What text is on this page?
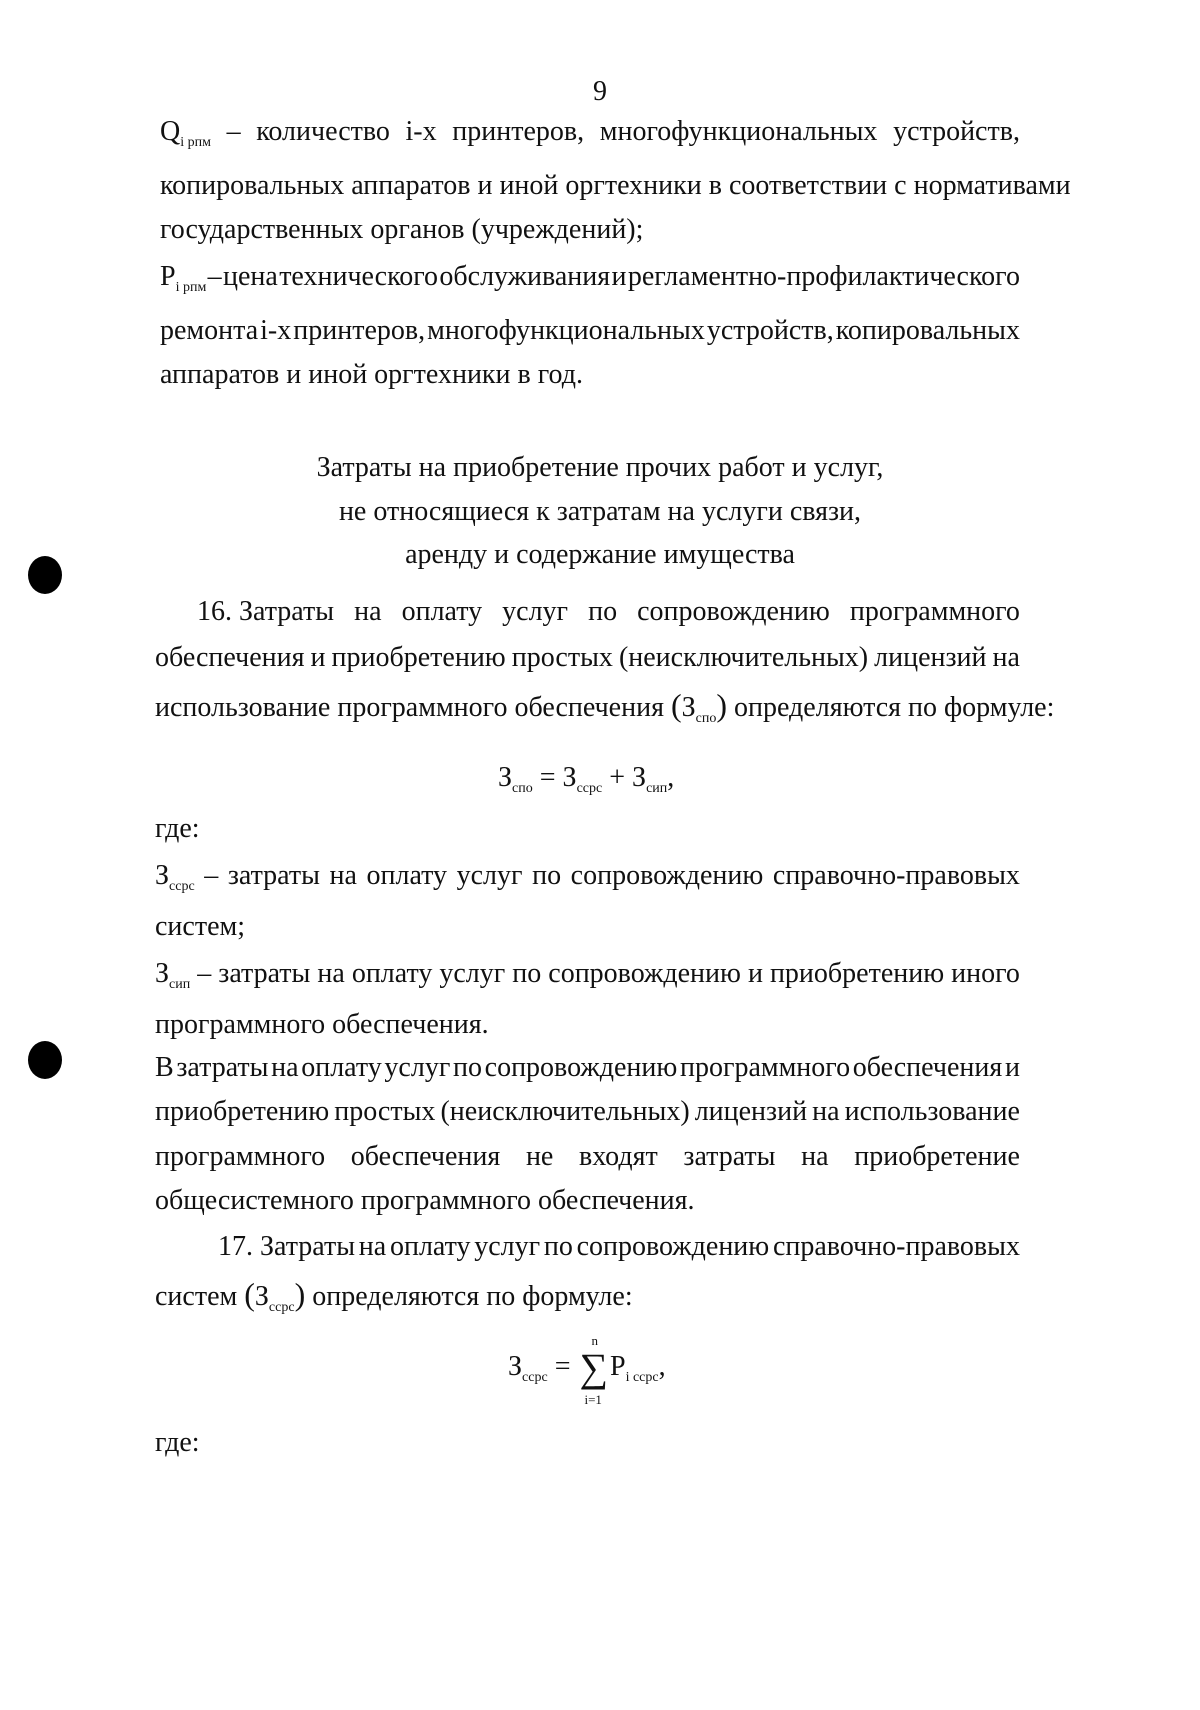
9
$Q_{i рпм}$ – количество i-х принтеров, многофункциональных устройств,
копировальных аппаратов и иной оргтехники в соответствии с нормативами
государственных органов (учреждений);
$P_{i рпм}$ – цена технического обслуживания и регламентно-профилактического
ремонта i-х принтеров, многофункциональных устройств, копировальных
аппаратов и иной оргтехники в год.
Затраты на приобретение прочих работ и услуг,
не относящиеся к затратам на услуги связи,
аренду и содержание имущества
16. Затраты на оплату услуг по сопровождению программного
обеспечения и приобретению простых (неисключительных) лицензий на
использование программного обеспечения $(З_{спо})$ определяются по формуле:
$З_{спо} = З_{ссрс} + З_{сип}$,
где:
$З_{ссрс}$ – затраты на оплату услуг по сопровождению справочно-правовых
систем;
$З_{сип}$ – затраты на оплату услуг по сопровождению и приобретению иного
программного обеспечения.
В затраты на оплату услуг по сопровождению программного обеспечения и
приобретению простых (неисключительных) лицензий на использование
программного обеспечения не входят затраты на приобретение
общесистемного программного обеспечения.
17. Затраты на оплату услуг по сопровождению справочно-правовых
систем $(З_{ссрс})$ определяются по формуле:
$З_{ссрс}$ = ∑
n
i=1
$P_{i ссрс}$,
где:
